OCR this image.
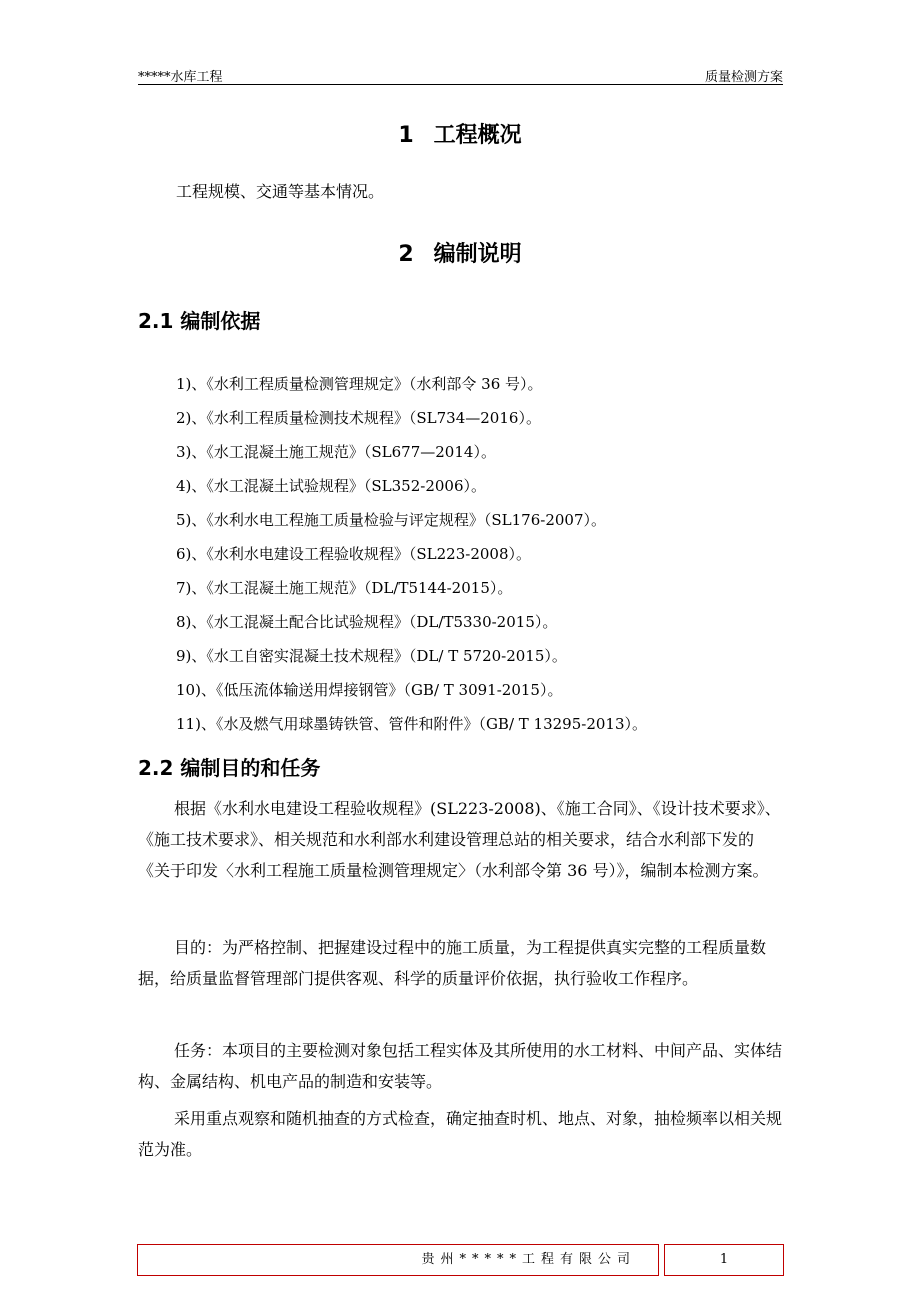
*****水库工程	质量检测方案
1 工程概况
工程规模、交通等基本情况。
2 编制说明
2.1 编制依据
1)、《水利工程质量检测管理规定》（水利部令 36 号）。
2)、《水利工程质量检测技术规程》（SL734—2016）。
3)、《水工混凝土施工规范》（SL677—2014）。
4)、《水工混凝土试验规程》（SL352-2006）。
5)、《水利水电工程施工质量检验与评定规程》（SL176-2007）。
6)、《水利水电建设工程验收规程》（SL223-2008）。
7)、《水工混凝土施工规范》（DL/T5144-2015）。
8)、《水工混凝土配合比试验规程》（DL/T5330-2015）。
9)、《水工自密实混凝土技术规程》（DL/ T 5720-2015）。
10)、《低压流体输送用焊接钢管》（GB/ T 3091-2015）。
11)、《水及燃气用球墨铸铁管、管件和附件》（GB/ T 13295-2013）。
2.2 编制目的和任务
根据《水利水电建设工程验收规程》(SL223-2008)、《施工合同》、《设计技术要求》、《施工技术要求》、相关规范和水利部水利建设管理总站的相关要求，结合水利部下发的《关于印发〈水利工程施工质量检测管理规定〉（水利部令第 36 号）》，编制本检测方案。
目的：为严格控制、把握建设过程中的施工质量，为工程提供真实完整的工程质量数据，给质量监督管理部门提供客观、科学的质量评价依据，执行验收工作程序。
任务：本项目的主要检测对象包括工程实体及其所使用的水工材料、中间产品、实体结构、金属结构、机电产品的制造和安装等。
采用重点观察和随机抽查的方式检查，确定抽查时机、地点、对象，抽检频率以相关规范为准。
贵州*****工程有限公司	1
